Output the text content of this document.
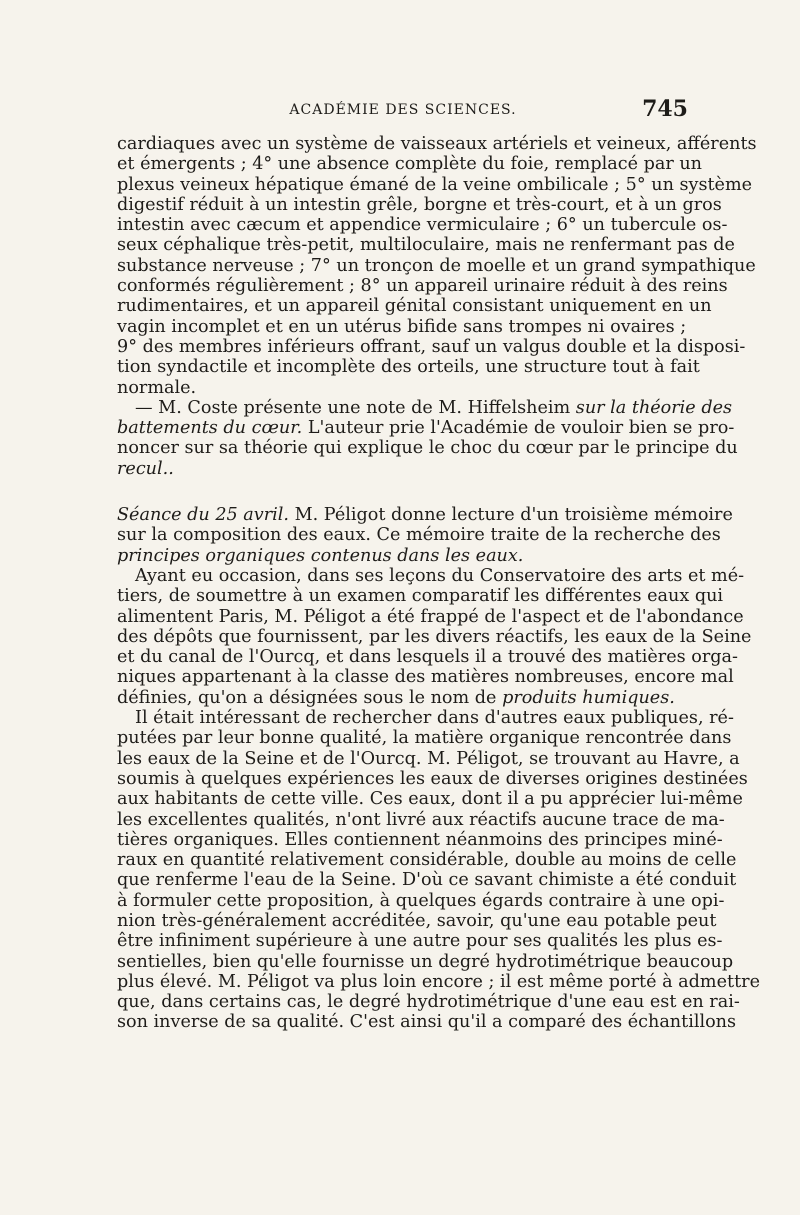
ACADÉMIE DES SCIENCES.	745
cardiaques avec un système de vaisseaux artériels et veineux, afférents
et émergents ; 4° une absence complète du foie, remplacé par un
plexus veineux hépatique émané de la veine ombilicale ; 5° un système
digestif réduit à un intestin grêle, borgne et très-court, et à un gros
intestin avec cæcum et appendice vermiculaire ; 6° un tubercule os-
seux céphalique très-petit, multiloculaire, mais ne renfermant pas de
substance nerveuse ; 7° un tronçon de moelle et un grand sympathique
conformés régulièrement ; 8° un appareil urinaire réduit à des reins
rudimentaires, et un appareil génital consistant uniquement en un
vagin incomplet et en un utérus bifide sans trompes ni ovaires ;
9° des membres inférieurs offrant, sauf un valgus double et la disposi-
tion syndactile et incomplète des orteils, une structure tout à fait
normale.
— M. Coste présente une note de M. Hiffelsheim sur la théorie des
battements du cœur. L'auteur prie l'Académie de vouloir bien se pro-
noncer sur sa théorie qui explique le choc du cœur par le principe du
recul..
Séance du 25 avril. M. Péligot donne lecture d'un troisième mémoire
sur la composition des eaux. Ce mémoire traite de la recherche des
principes organiques contenus dans les eaux.
Ayant eu occasion, dans ses leçons du Conservatoire des arts et mé-
tiers, de soumettre à un examen comparatif les différentes eaux qui
alimentent Paris, M. Péligot a été frappé de l'aspect et de l'abondance
des dépôts que fournissent, par les divers réactifs, les eaux de la Seine
et du canal de l'Ourcq, et dans lesquels il a trouvé des matières orga-
niques appartenant à la classe des matières nombreuses, encore mal
définies, qu'on a désignées sous le nom de produits humiques.
Il était intéressant de rechercher dans d'autres eaux publiques, ré-
putées par leur bonne qualité, la matière organique rencontrée dans
les eaux de la Seine et de l'Ourcq. M. Péligot, se trouvant au Havre, a
soumis à quelques expériences les eaux de diverses origines destinées
aux habitants de cette ville. Ces eaux, dont il a pu apprécier lui-même
les excellentes qualités, n'ont livré aux réactifs aucune trace de ma-
tières organiques. Elles contiennent néanmoins des principes miné-
raux en quantité relativement considérable, double au moins de celle
que renferme l'eau de la Seine. D'où ce savant chimiste a été conduit
à formuler cette proposition, à quelques égards contraire à une opi-
nion très-généralement accréditée, savoir, qu'une eau potable peut
être infiniment supérieure à une autre pour ses qualités les plus es-
sentielles, bien qu'elle fournisse un degré hydrotimétrique beaucoup
plus élevé. M. Péligot va plus loin encore ; il est même porté à admettre
que, dans certains cas, le degré hydrotimétrique d'une eau est en rai-
son inverse de sa qualité. C'est ainsi qu'il a comparé des échantillons
